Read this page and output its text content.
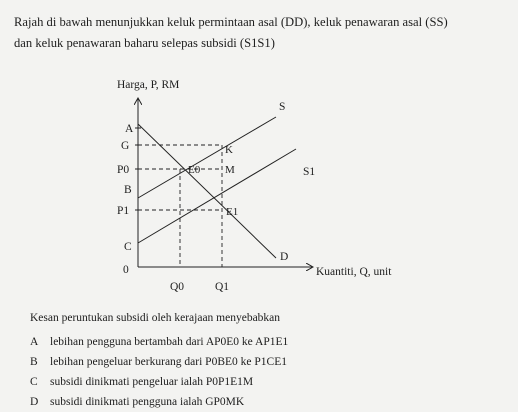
Rajah di bawah menunjukkan keluk permintaan asal (DD), keluk penawaran asal (SS)
dan keluk penawaran baharu selepas subsidi (S1S1)
Harga, P, RM
Kuantiti, Q, unit
A
G
P0
B
P1
C
0
Q0	Q1
S
S1
D
K
E0 M
E1
Kesan peruntukan subsidi oleh kerajaan menyebabkan
A	lebihan pengguna bertambah dari AP0E0 ke AP1E1
B	lebihan pengeluar berkurang dari P0BE0 ke P1CE1
C	subsidi dinikmati pengeluar ialah P0P1E1M
D	subsidi dinikmati pengguna ialah GP0MK
